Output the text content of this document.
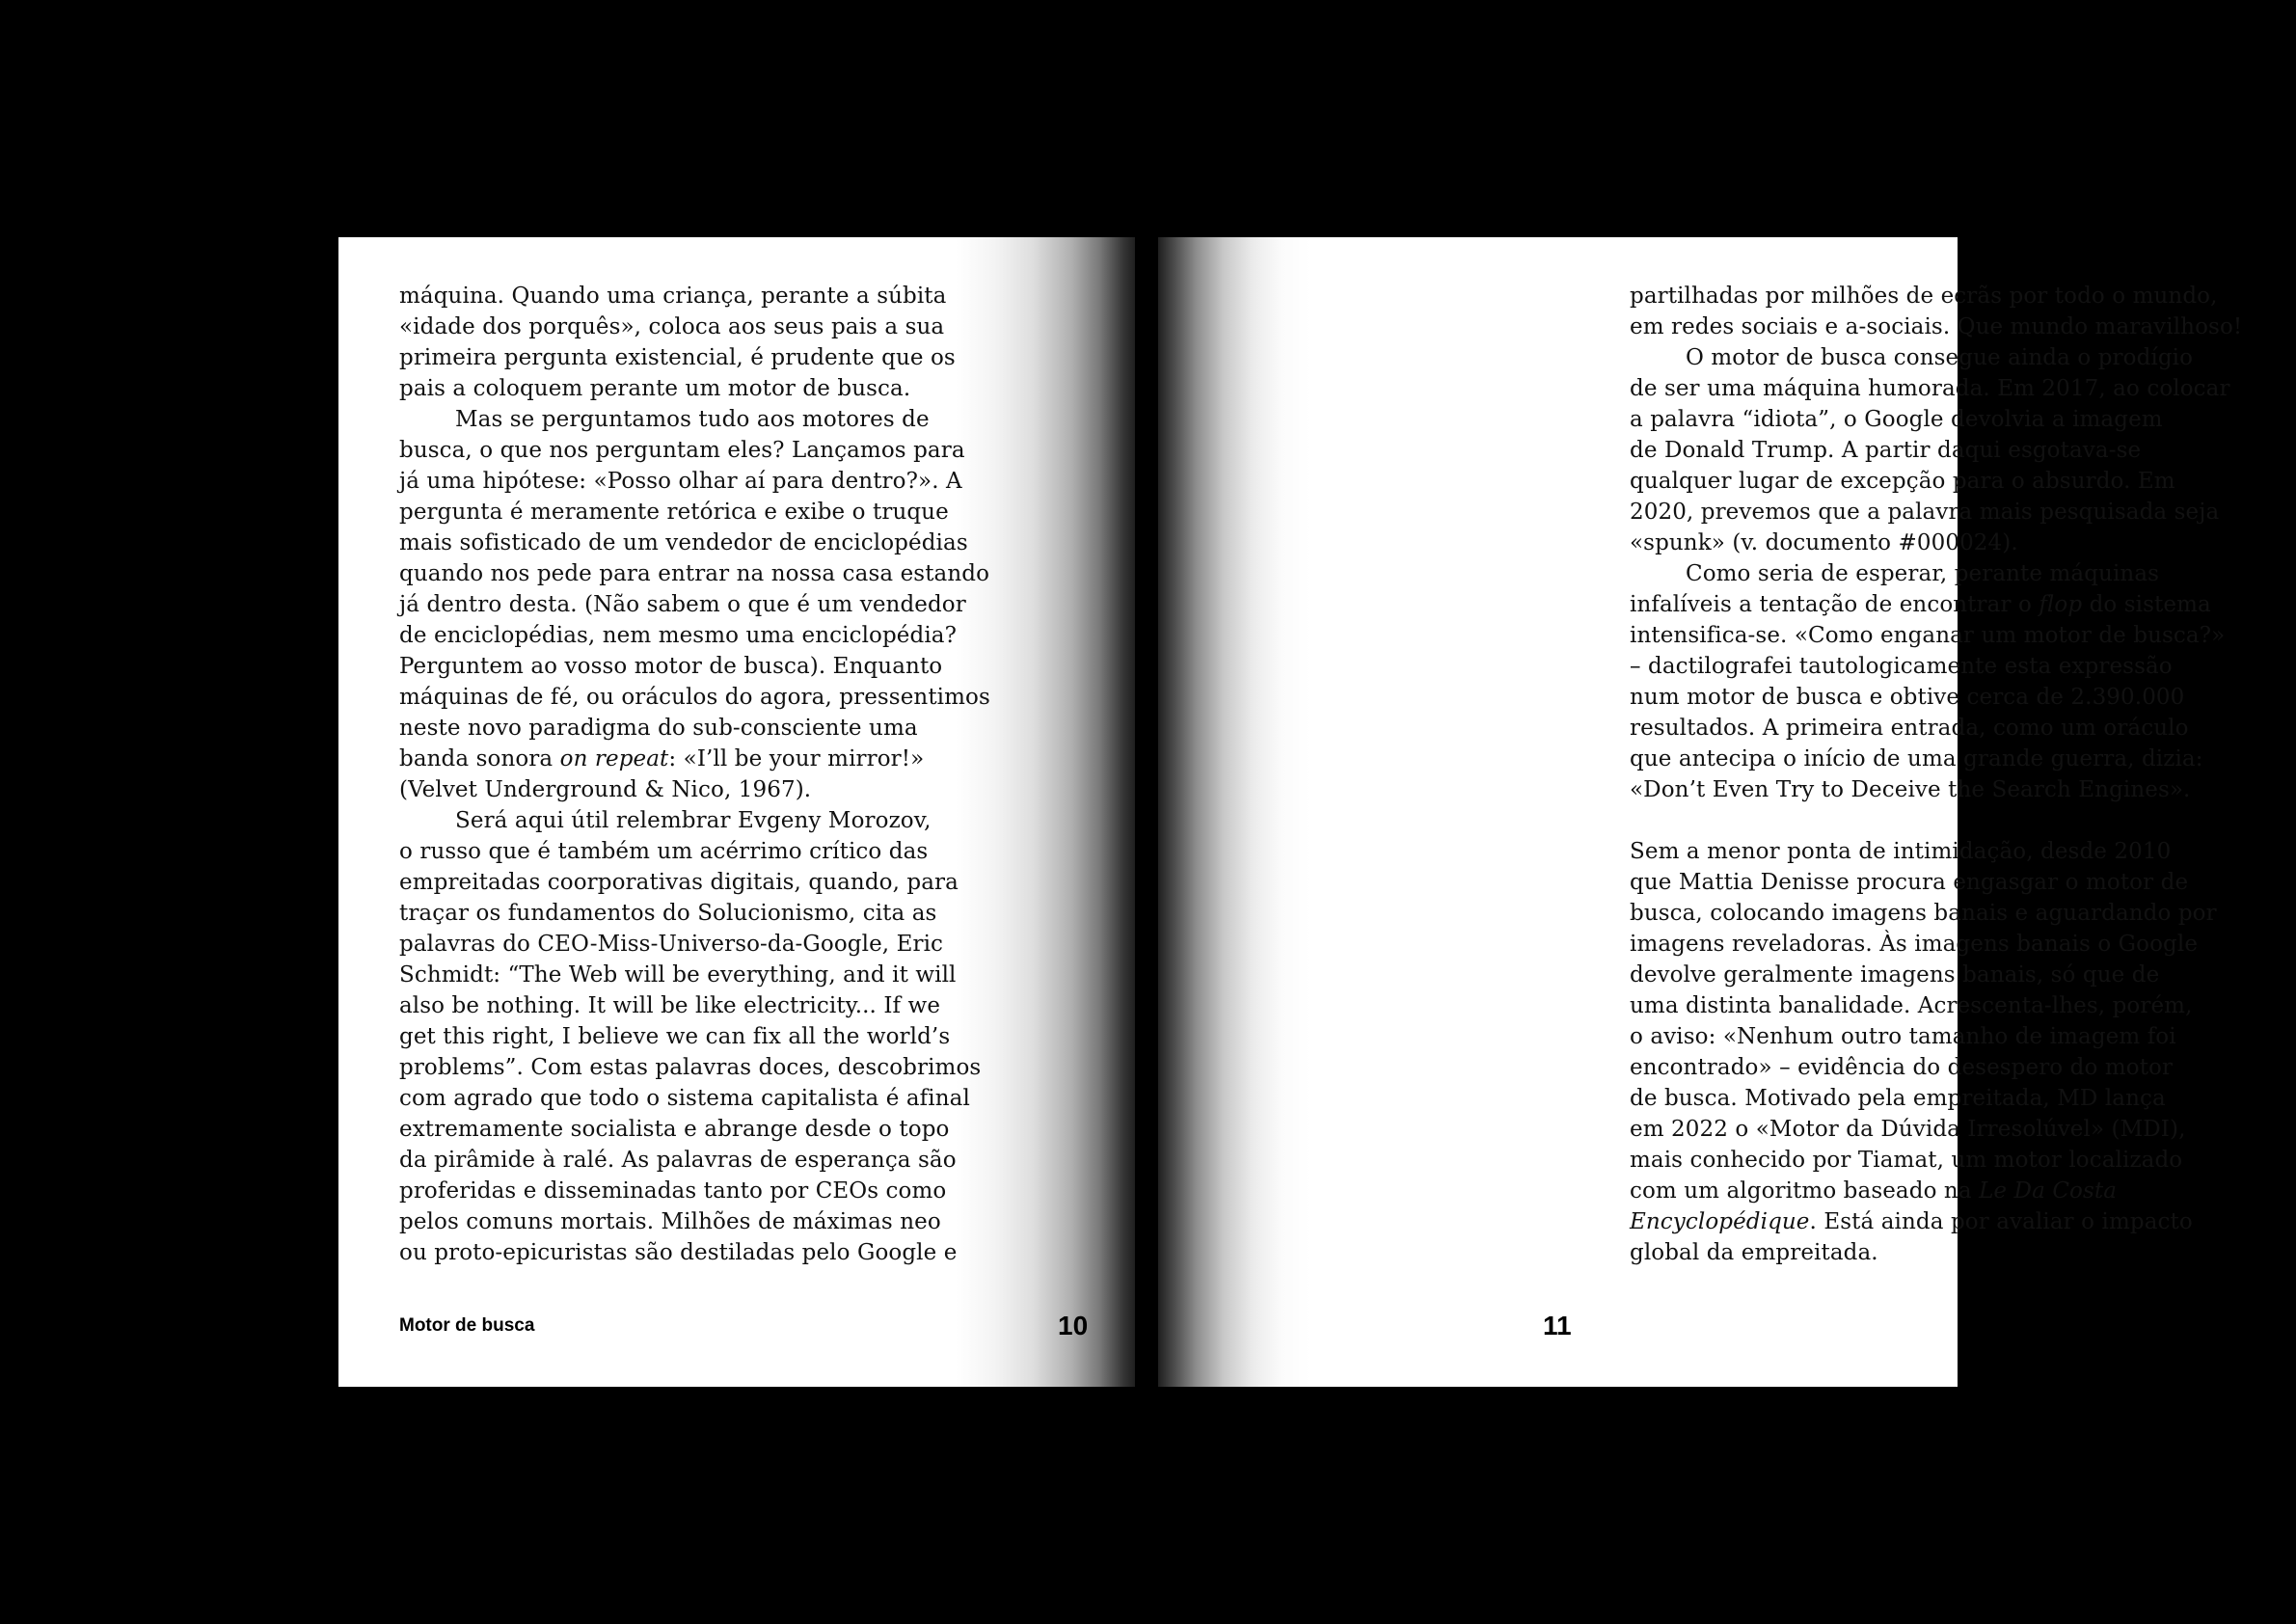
máquina. Quando uma criança, perante a súbita
«idade dos porquês», coloca aos seus pais a sua
primeira pergunta existencial, é prudente que os
pais a coloquem perante um motor de busca.
Mas se perguntamos tudo aos motores de
busca, o que nos perguntam eles? Lançamos para
já uma hipótese: «Posso olhar aí para dentro?». A
pergunta é meramente retórica e exibe o truque
mais sofisticado de um vendedor de enciclopédias
quando nos pede para entrar na nossa casa estando
já dentro desta. (Não sabem o que é um vendedor
de enciclopédias, nem mesmo uma enciclopédia?
Perguntem ao vosso motor de busca). Enquanto
máquinas de fé, ou oráculos do agora, pressentimos
neste novo paradigma do sub-consciente uma
banda sonora on repeat: «I’ll be your mirror!»
(Velvet Underground & Nico, 1967).
Será aqui útil relembrar Evgeny Morozov,
o russo que é também um acérrimo crítico das
empreitadas coorporativas digitais, quando, para
traçar os fundamentos do Solucionismo, cita as
palavras do CEO-Miss-Universo-da-Google, Eric
Schmidt: “The Web will be everything, and it will
also be nothing. It will be like electricity... If we
get this right, I believe we can fix all the world’s
problems”. Com estas palavras doces, descobrimos
com agrado que todo o sistema capitalista é afinal
extremamente socialista e abrange desde o topo
da pirâmide à ralé. As palavras de esperança são
proferidas e disseminadas tanto por CEOs como
pelos comuns mortais. Milhões de máximas neo
ou proto-epicuristas são destiladas pelo Google e
Motor de busca	10
partilhadas por milhões de ecrãs por todo o mundo,
em redes sociais e a-sociais. Que mundo maravilhoso!
O motor de busca consegue ainda o prodígio
de ser uma máquina humorada. Em 2017, ao colocar
a palavra “idiota”, o Google devolvia a imagem
de Donald Trump. A partir daqui esgotava-se
qualquer lugar de excepção para o absurdo. Em
2020, prevemos que a palavra mais pesquisada seja
«spunk» (v. documento #000024).
Como seria de esperar, perante máquinas
infalíveis a tentação de encontrar o flop do sistema
intensifica-se. «Como enganar um motor de busca?»
– dactilografei tautologicamente esta expressão
num motor de busca e obtive cerca de 2.390.000
resultados. A primeira entrada, como um oráculo
que antecipa o início de uma grande guerra, dizia:
«Don’t Even Try to Deceive the Search Engines».
Sem a menor ponta de intimidação, desde 2010
que Mattia Denisse procura engasgar o motor de
busca, colocando imagens banais e aguardando por
imagens reveladoras. Às imagens banais o Google
devolve geralmente imagens banais, só que de
uma distinta banalidade. Acrescenta-lhes, porém,
o aviso: «Nenhum outro tamanho de imagem foi
encontrado» – evidência do desespero do motor
de busca. Motivado pela empreitada, MD lança
em 2022 o «Motor da Dúvida Irresolúvel» (MDI),
mais conhecido por Tiamat, um motor localizado
com um algoritmo baseado na Le Da Costa
Encyclopédique. Está ainda por avaliar o impacto
global da empreitada.
11
